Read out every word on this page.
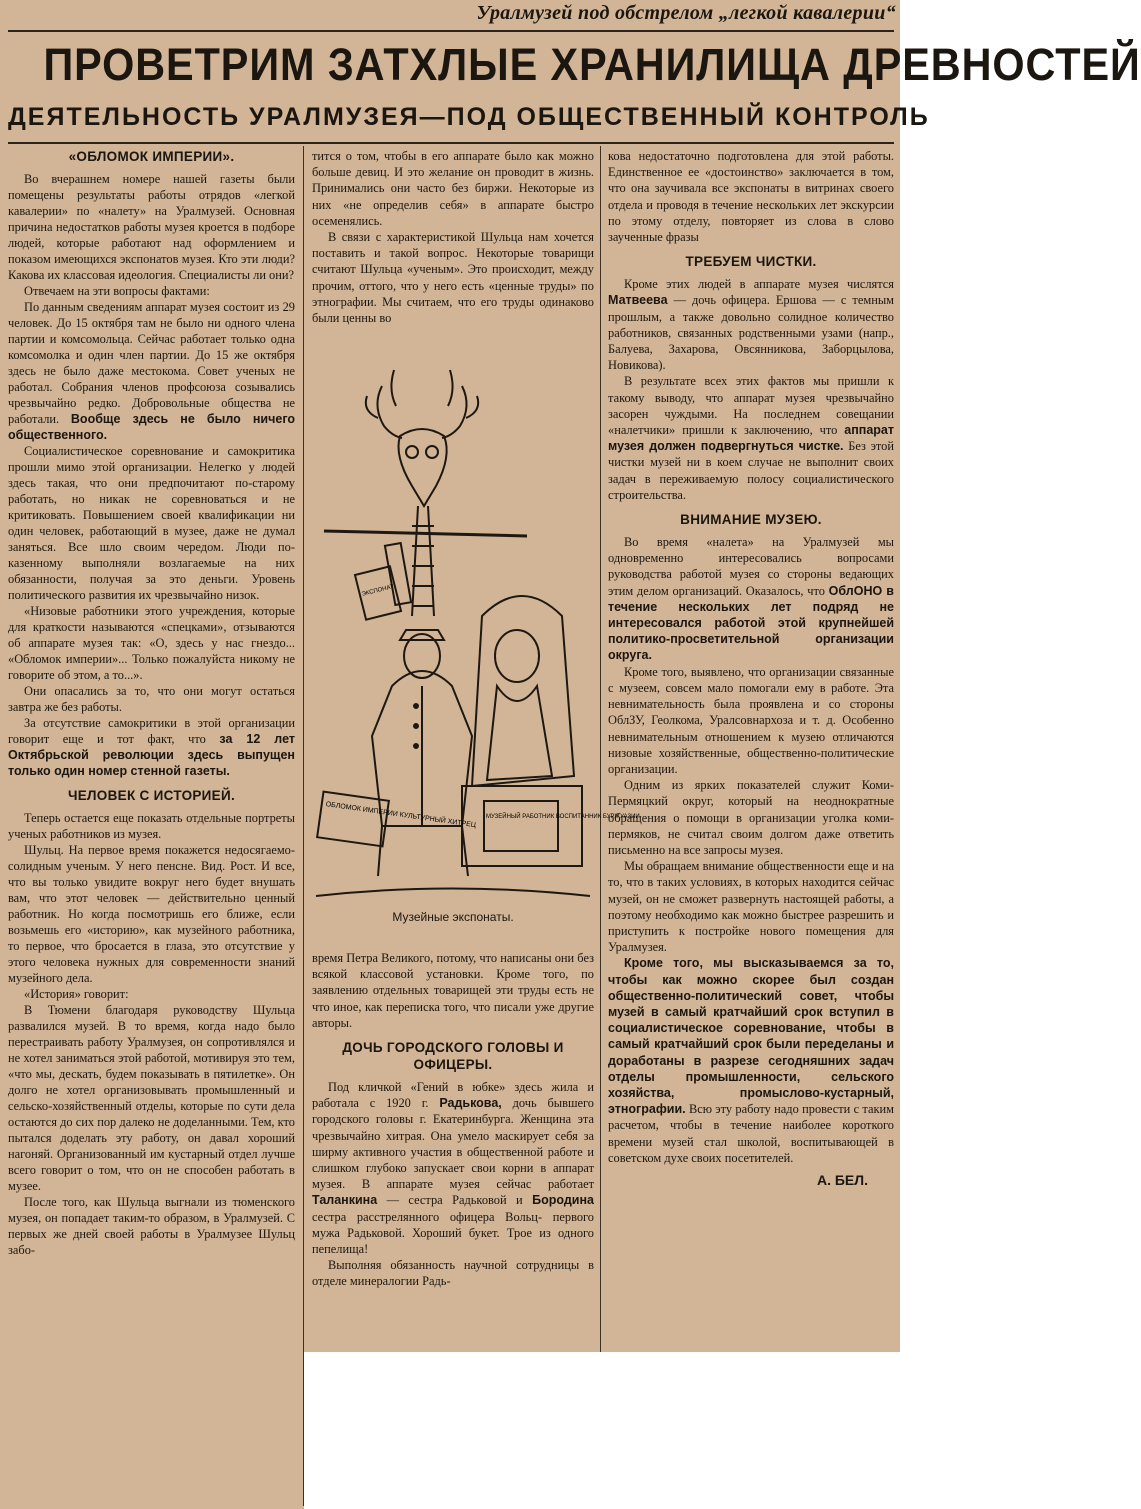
Уралмузей под обстрелом „легкой кавалерии“
ПРОВЕТРИМ ЗАТХЛЫЕ ХРАНИЛИЩА ДРЕВНОСТЕЙ
ДЕЯТЕЛЬНОСТЬ УРАЛМУЗЕЯ—ПОД ОБЩЕСТВЕННЫЙ КОНТРОЛЬ
«ОБЛОМОК ИМПЕРИИ».

Во вчерашнем номере нашей газеты были помещены результаты работы отрядов «легкой кавалерии» по «налету» на Уралмузей. Основная причина недостатков работы музея кроется в подборе людей, которые работают над оформлением и показом имеющихся экспонатов музея. Кто эти люди? Какова их классовая идеология. Специалисты ли они?

Отвечаем на эти вопросы фактами:

По данным сведениям аппарат музея состоит из 29 человек. До 15 октября там не было ни одного члена партии и комсомольца. Сейчас работает только одна комсомолка и один член партии. До 15 же октября здесь не было даже местокома. Совет ученых не работал. Собрания членов профсоюза созывались чрезвычайно редко. Добровольные общества не работали. Вообще здесь не было ничего общественного.

Социалистическое соревнование и самокритика прошли мимо этой организации. Нелегко у людей здесь такая, что они предпочитают по-старому работать, но никак не соревноваться и не критиковать. Повышением своей квалификации ни один человек, работающий в музее, даже не думал заняться. Все шло своим чередом. Люди по-казенному выполняли возлагаемые на них обязанности, получая за это деньги. Уровень политического развития их чрезвычайно низок.

«Низовые работники этого учреждения, которые для краткости называются «спецками», отзываются об аппарате музея так: «О, здесь у нас гнездо... «Обломок империи»... Только пожалуйста никому не говорите об этом, а то...».

Они опасались за то, что они могут остаться завтра же без работы.

За отсутствие самокритики в этой организации говорит еще и тот факт, что за 12 лет Октябрьской революции здесь выпущен только один номер стенной газеты.

ЧЕЛОВЕК С ИСТОРИЕЙ.

Теперь остается еще показать отдельные портреты ученых работников из музея.

Шульц. На первое время покажется недосягаемо-солидным ученым. У него пенсне. Вид. Рост. И все, что вы только увидите вокруг него будет внушать вам, что этот человек — действительно ценный работник. Но когда посмотришь его ближе, если возьмешь его «историю», как музейного работника, то первое, что бросается в глаза, это отсутствие у этого человека нужных для современности знаний музейного дела.

«История» говорит:

В Тюмени благодаря руководству Шульца развалился музей. В то время, когда надо было перестраивать работу Уралмузея, он сопротивлялся и не хотел заниматься этой работой, мотивируя это тем, «что мы, дескать, будем показывать в пятилетке». Он долго не хотел организовывать промышленный и сельско-хозяйственный отделы, которые по сути дела остаются до сих пор далеко не доделанными. Тем, кто пытался доделать эту работу, он давал хороший нагоняй. Организованный им кустарный отдел лучше всего говорит о том, что он не способен работать в музее.

После того, как Шульца выгнали из тюменского музея, он попадает таким-то образом, в Уралмузей. С первых же дней своей работы в Уралмузее Шульц забо-

тится о том, чтобы в его аппарате было как можно больше девиц. И это желание он проводит в жизнь. Принимались они часто без биржи. Некоторые из них «не определив себя» в аппарате быстро осеменялись.

В связи с характеристикой Шульца нам хочется поставить и такой вопрос. Некоторые товарищи считают Шульца «ученым». Это происходит, между прочим, оттого, что у него есть «ценные труды» по этнографии. Мы считаем, что его труды одинаково были ценны во

ОБЛОМОК ИМПЕРИИ КУЛЬТУРНЫЙ ХИТРЕЦ МУЗЕЙНЫЙ РАБОТНИК ВОСПИТАННИК БУРЖУАЗИИ
ЭКСПОНАТ
Музейные экспонаты.

время Петра Великого, потому, что написаны они без всякой классовой установки. Кроме того, по заявлению отдельных товарищей эти труды есть не что иное, как переписка того, что писали уже другие авторы.

ДОЧЬ ГОРОДСКОГО ГОЛОВЫ И ОФИЦЕРЫ.

Под кличкой «Гений в юбке» здесь жила и работала с 1920 г. Радькова, дочь бывшего городского головы г. Екатеринбурга. Женщина эта чрезвычайно хитрая. Она умело маскирует себя за ширму активного участия в общественной работе и слишком глубоко запускает свои корни в аппарат музея. В аппарате музея сейчас работает Таланкина — сестра Радьковой и Бородина сестра расстрелянного офицера Вольц- первого мужа Радьковой. Хороший букет. Трое из одного пепелища!

Выполняя обязанность научной сотрудницы в отделе минералогии Радь-

кова недостаточно подготовлена для этой работы. Единственное ее «достоинство» заключается в том, что она заучивала все экспонаты в витринах своего отдела и проводя в течение нескольких лет экскурсии по этому отделу, повторяет из слова в слово заученные фразы

ТРЕБУЕМ ЧИСТКИ.

Кроме этих людей в аппарате музея числятся Матвеева — дочь офицера. Ершова — с темным прошлым, а также довольно солидное количество работников, связанных родственными узами (напр., Балуева, Захарова, Овсянникова, Заборцылова, Новикова).

В результате всех этих фактов мы пришли к такому выводу, что аппарат музея чрезвычайно засорен чуждыми. На последнем совещании «налетчики» пришли к заключению, что аппарат музея должен подвергнуться чистке. Без этой чистки музей ни в коем случае не выполнит своих задач в переживаемую полосу социалистического строительства.

ВНИМАНИЕ МУЗЕЮ.

Во время «налета» на Уралмузей мы одновременно интересовались вопросами руководства работой музея со стороны ведающих этим делом организаций. Оказалось, что ОблОНО в течение нескольких лет подряд не интересовался работой этой крупнейшей политико-просветительной организации округа.

Кроме того, выявлено, что организации связанные с музеем, совсем мало помогали ему в работе. Эта невнимательность была проявлена и со стороны ОблЗУ, Геолкома, Уралсовнархоза и т. д. Особенно невнимательным отношением к музею отличаются низовые хозяйственные, общественно-политические организации.

Одним из ярких показателей служит Коми-Пермяцкий округ, который на неоднократные обращения о помощи в организации уголка коми-пермяков, не считал своим долгом даже ответить письменно на все запросы музея.

Мы обращаем внимание общественности еще и на то, что в таких условиях, в которых находится сейчас музей, он не сможет развернуть настоящей работы, а поэтому необходимо как можно быстрее разрешить и приступить к постройке нового помещения для Уралмузея.

Кроме того, мы высказываемся за то, чтобы как можно скорее был создан общественно-политический совет, чтобы музей в самый кратчайший срок вступил в социалистическое соревнование, чтобы в самый кратчайший срок были переделаны и доработаны в разрезе сегодняшних задач отделы промышленности, сельского хозяйства, промыслово-кустарный, этнографии. Всю эту работу надо провести с таким расчетом, чтобы в течение наиболее короткого времени музей стал школой, воспитывающей в советском духе своих посетителей.

А. БЕЛ.
